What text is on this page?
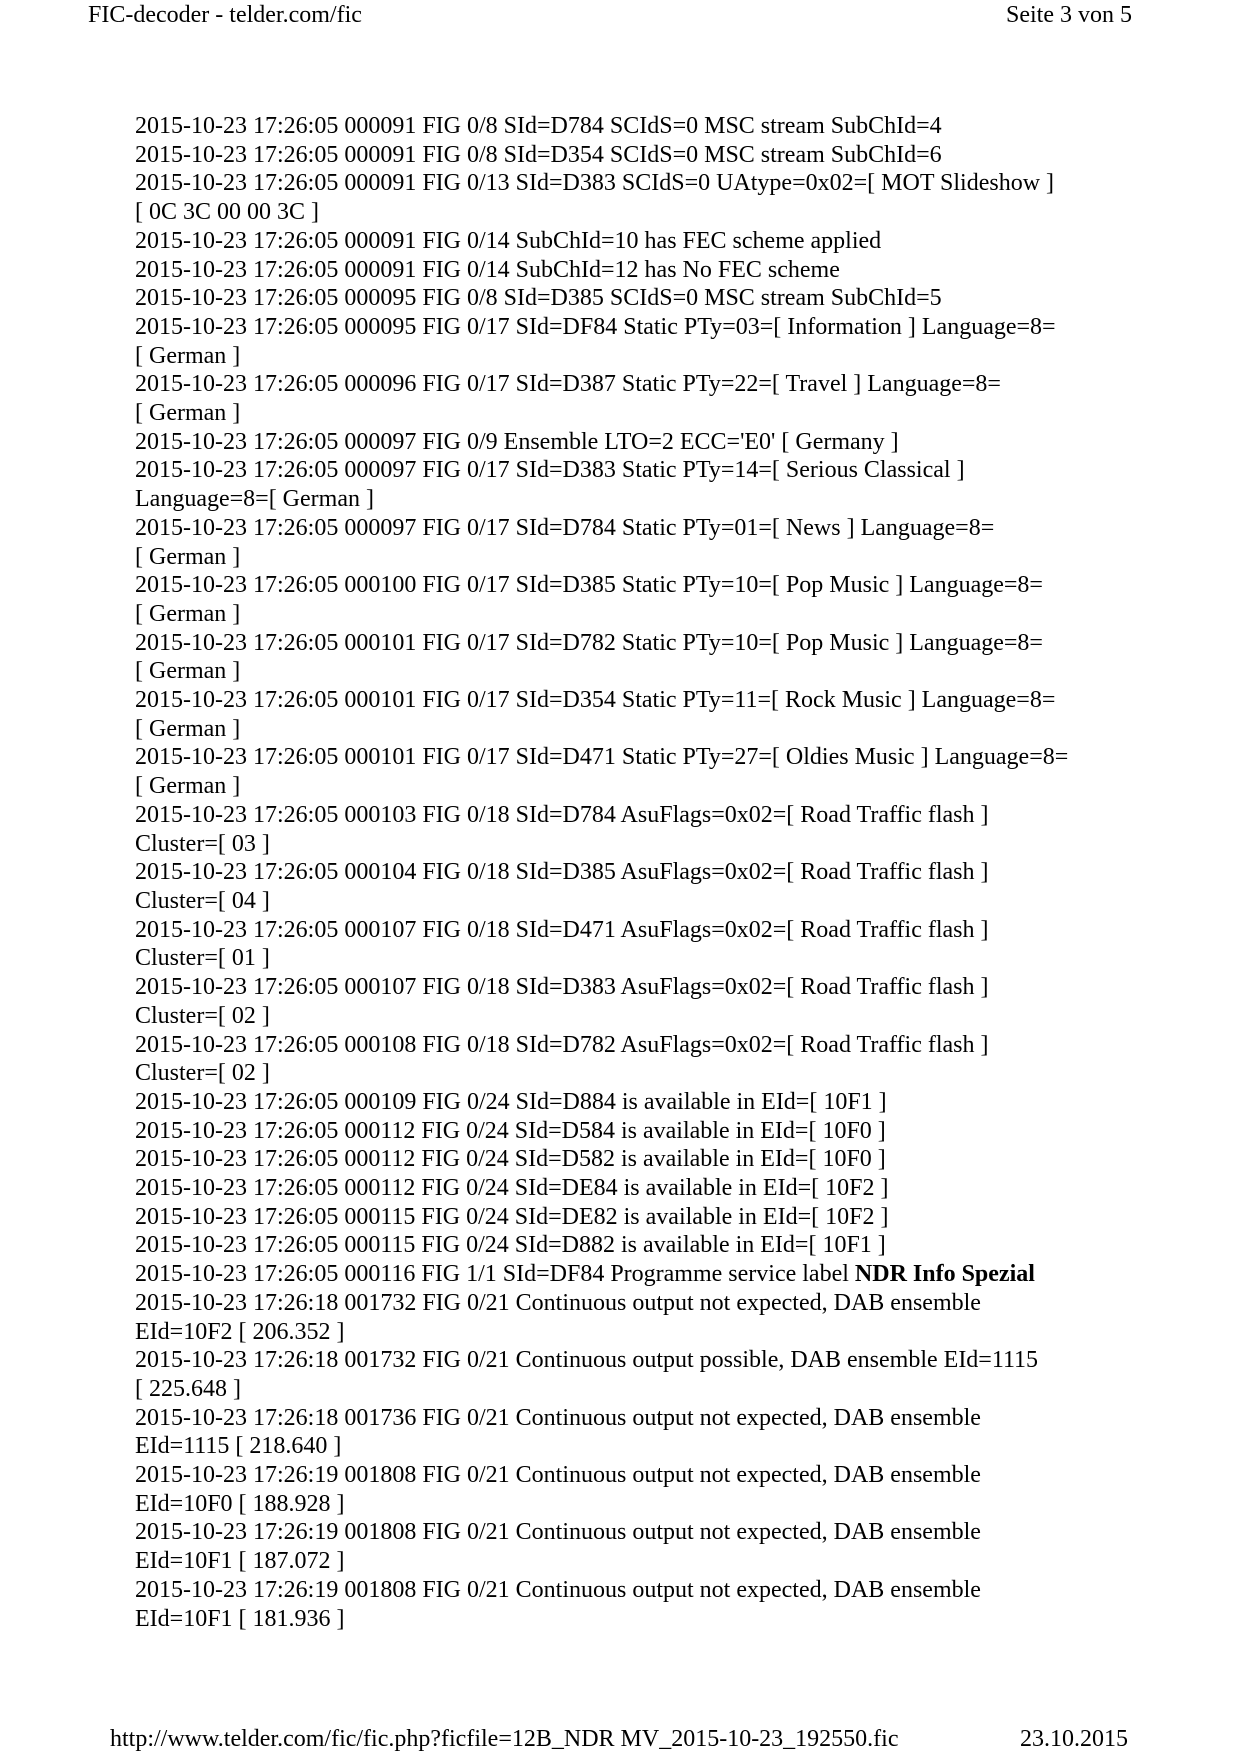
FIC-decoder - telder.com/fic	Seite 3 von 5
2015-10-23 17:26:05 000091 FIG 0/8 SId=D784 SCIdS=0 MSC stream SubChId=4
2015-10-23 17:26:05 000091 FIG 0/8 SId=D354 SCIdS=0 MSC stream SubChId=6
2015-10-23 17:26:05 000091 FIG 0/13 SId=D383 SCIdS=0 UAtype=0x02=[ MOT Slideshow ]
[ 0C 3C 00 00 3C ]
2015-10-23 17:26:05 000091 FIG 0/14 SubChId=10 has FEC scheme applied
2015-10-23 17:26:05 000091 FIG 0/14 SubChId=12 has No FEC scheme
2015-10-23 17:26:05 000095 FIG 0/8 SId=D385 SCIdS=0 MSC stream SubChId=5
2015-10-23 17:26:05 000095 FIG 0/17 SId=DF84 Static PTy=03=[ Information ] Language=8=
[ German ]
2015-10-23 17:26:05 000096 FIG 0/17 SId=D387 Static PTy=22=[ Travel ] Language=8=
[ German ]
2015-10-23 17:26:05 000097 FIG 0/9 Ensemble LTO=2 ECC='E0' [ Germany ]
2015-10-23 17:26:05 000097 FIG 0/17 SId=D383 Static PTy=14=[ Serious Classical ]
Language=8=[ German ]
2015-10-23 17:26:05 000097 FIG 0/17 SId=D784 Static PTy=01=[ News ] Language=8=
[ German ]
2015-10-23 17:26:05 000100 FIG 0/17 SId=D385 Static PTy=10=[ Pop Music ] Language=8=
[ German ]
2015-10-23 17:26:05 000101 FIG 0/17 SId=D782 Static PTy=10=[ Pop Music ] Language=8=
[ German ]
2015-10-23 17:26:05 000101 FIG 0/17 SId=D354 Static PTy=11=[ Rock Music ] Language=8=
[ German ]
2015-10-23 17:26:05 000101 FIG 0/17 SId=D471 Static PTy=27=[ Oldies Music ] Language=8=
[ German ]
2015-10-23 17:26:05 000103 FIG 0/18 SId=D784 AsuFlags=0x02=[ Road Traffic flash ]
Cluster=[ 03 ]
2015-10-23 17:26:05 000104 FIG 0/18 SId=D385 AsuFlags=0x02=[ Road Traffic flash ]
Cluster=[ 04 ]
2015-10-23 17:26:05 000107 FIG 0/18 SId=D471 AsuFlags=0x02=[ Road Traffic flash ]
Cluster=[ 01 ]
2015-10-23 17:26:05 000107 FIG 0/18 SId=D383 AsuFlags=0x02=[ Road Traffic flash ]
Cluster=[ 02 ]
2015-10-23 17:26:05 000108 FIG 0/18 SId=D782 AsuFlags=0x02=[ Road Traffic flash ]
Cluster=[ 02 ]
2015-10-23 17:26:05 000109 FIG 0/24 SId=D884 is available in EId=[ 10F1 ]
2015-10-23 17:26:05 000112 FIG 0/24 SId=D584 is available in EId=[ 10F0 ]
2015-10-23 17:26:05 000112 FIG 0/24 SId=D582 is available in EId=[ 10F0 ]
2015-10-23 17:26:05 000112 FIG 0/24 SId=DE84 is available in EId=[ 10F2 ]
2015-10-23 17:26:05 000115 FIG 0/24 SId=DE82 is available in EId=[ 10F2 ]
2015-10-23 17:26:05 000115 FIG 0/24 SId=D882 is available in EId=[ 10F1 ]
2015-10-23 17:26:05 000116 FIG 1/1 SId=DF84 Programme service label NDR Info Spezial
2015-10-23 17:26:18 001732 FIG 0/21 Continuous output not expected, DAB ensemble
EId=10F2 [ 206.352 ]
2015-10-23 17:26:18 001732 FIG 0/21 Continuous output possible, DAB ensemble EId=1115
[ 225.648 ]
2015-10-23 17:26:18 001736 FIG 0/21 Continuous output not expected, DAB ensemble
EId=1115 [ 218.640 ]
2015-10-23 17:26:19 001808 FIG 0/21 Continuous output not expected, DAB ensemble
EId=10F0 [ 188.928 ]
2015-10-23 17:26:19 001808 FIG 0/21 Continuous output not expected, DAB ensemble
EId=10F1 [ 187.072 ]
2015-10-23 17:26:19 001808 FIG 0/21 Continuous output not expected, DAB ensemble
EId=10F1 [ 181.936 ]
http://www.telder.com/fic/fic.php?ficfile=12B_NDR MV_2015-10-23_192550.fic	23.10.2015
